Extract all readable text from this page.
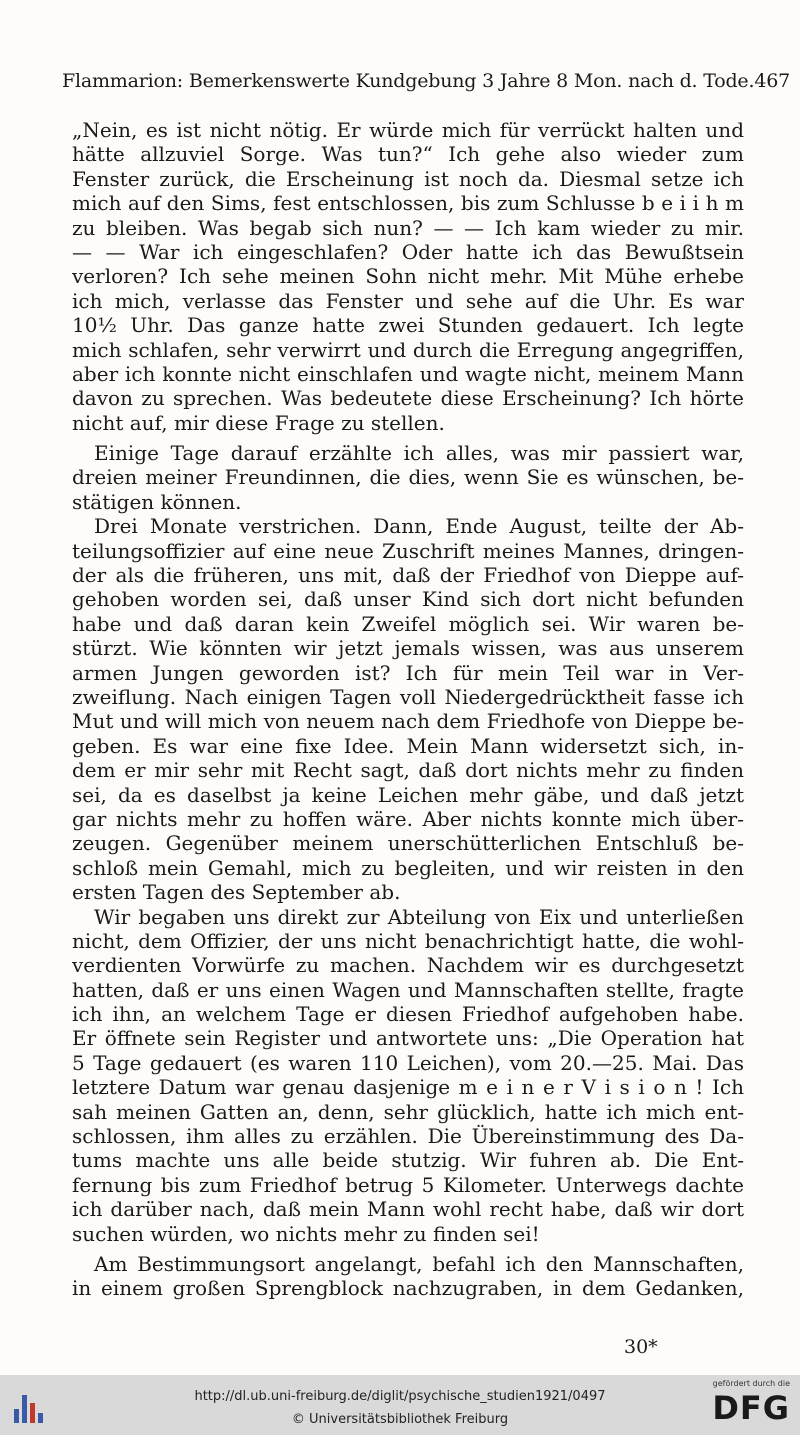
Flammarion: Bemerkenswerte Kundgebung 3 Jahre 8 Mon. nach d. Tode. 467
„Nein, es ist nicht nötig. Er würde mich für verrückt halten und
hätte allzuviel Sorge. Was tun?“ Ich gehe also wieder zum
Fenster zurück, die Erscheinung ist noch da. Diesmal setze ich
mich auf den Sims, fest entschlossen, bis zum Schlusse b e i i h m
zu bleiben. Was begab sich nun? — — Ich kam wieder zu mir.
— — War ich eingeschlafen? Oder hatte ich das Bewußtsein
verloren? Ich sehe meinen Sohn nicht mehr. Mit Mühe erhebe
ich mich, verlasse das Fenster und sehe auf die Uhr. Es war
10½ Uhr. Das ganze hatte zwei Stunden gedauert. Ich legte
mich schlafen, sehr verwirrt und durch die Erregung angegriffen,
aber ich konnte nicht einschlafen und wagte nicht, meinem Mann
davon zu sprechen. Was bedeutete diese Erscheinung? Ich hörte
nicht auf, mir diese Frage zu stellen.
Einige Tage darauf erzählte ich alles, was mir passiert war,
dreien meiner Freundinnen, die dies, wenn Sie es wünschen, be-
stätigen können.
Drei Monate verstrichen. Dann, Ende August, teilte der Ab-
teilungsoffizier auf eine neue Zuschrift meines Mannes, dringen-
der als die früheren, uns mit, daß der Friedhof von Dieppe auf-
gehoben worden sei, daß unser Kind sich dort nicht befunden
habe und daß daran kein Zweifel möglich sei. Wir waren be-
stürzt. Wie könnten wir jetzt jemals wissen, was aus unserem
armen Jungen geworden ist? Ich für mein Teil war in Ver-
zweiflung. Nach einigen Tagen voll Niedergedrücktheit fasse ich
Mut und will mich von neuem nach dem Friedhofe von Dieppe be-
geben. Es war eine fixe Idee. Mein Mann widersetzt sich, in-
dem er mir sehr mit Recht sagt, daß dort nichts mehr zu finden
sei, da es daselbst ja keine Leichen mehr gäbe, und daß jetzt
gar nichts mehr zu hoffen wäre. Aber nichts konnte mich über-
zeugen. Gegenüber meinem unerschütterlichen Entschluß be-
schloß mein Gemahl, mich zu begleiten, und wir reisten in den
ersten Tagen des September ab.
Wir begaben uns direkt zur Abteilung von Eix und unterließen
nicht, dem Offizier, der uns nicht benachrichtigt hatte, die wohl-
verdienten Vorwürfe zu machen. Nachdem wir es durchgesetzt
hatten, daß er uns einen Wagen und Mannschaften stellte, fragte
ich ihn, an welchem Tage er diesen Friedhof aufgehoben habe.
Er öffnete sein Register und antwortete uns: „Die Operation hat
5 Tage gedauert (es waren 110 Leichen), vom 20.—25. Mai. Das
letztere Datum war genau dasjenige m e i n e r V i s i o n ! Ich
sah meinen Gatten an, denn, sehr glücklich, hatte ich mich ent-
schlossen, ihm alles zu erzählen. Die Übereinstimmung des Da-
tums machte uns alle beide stutzig. Wir fuhren ab. Die Ent-
fernung bis zum Friedhof betrug 5 Kilometer. Unterwegs dachte
ich darüber nach, daß mein Mann wohl recht habe, daß wir dort
suchen würden, wo nichts mehr zu finden sei!
Am Bestimmungsort angelangt, befahl ich den Mannschaften,
in einem großen Sprengblock nachzugraben, in dem Gedanken,
30*
http://dl.ub.uni-freiburg.de/diglit/psychische_studien1921/0497
© Universitätsbibliothek Freiburg
gefördert durch die
DFG
